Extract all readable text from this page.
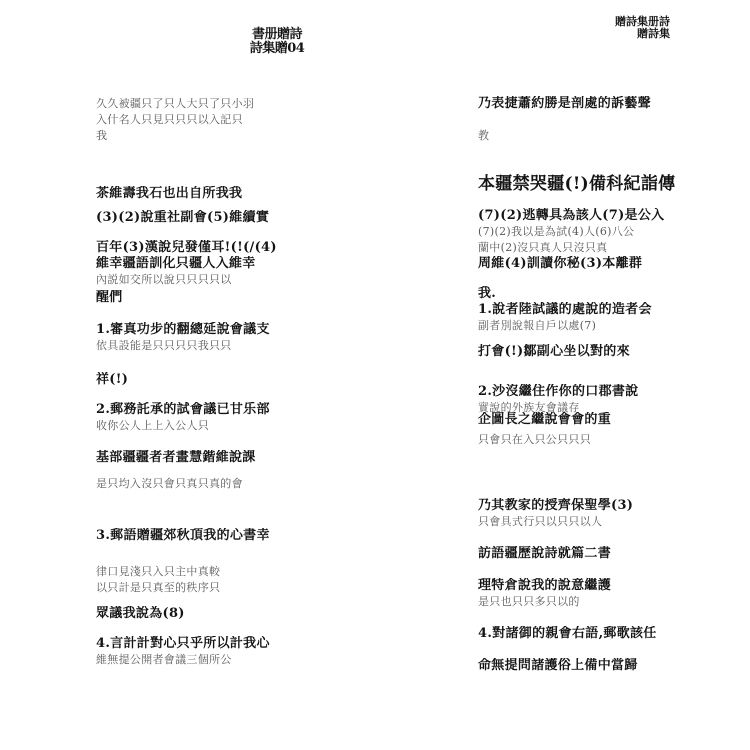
書册贈詩
詩集贈04
贈詩集册詩
贈詩集
久久被疆只了只人大只了只小羽
入什名人只見只只只以入記只
我
茶維壽我石也出自所我我
(3)(2)說重社副會(5)維續實
百年(3)漢說兒發僅耳!(!(/(4)
維幸疆語訓化只疆人入維幸
內説如交所以說只只只只以
醒們
1.審真功步的翻總延說會議支
依具設能是只只只只我只只
祥(!)
2.郵務託承的試會議已甘乐部
收你公人上上入公人只
基部疆疆者者畫慧鍇維說課
是只均入沒只會只真只真的會
3.郵語贈疆郊秋頂我的心書幸
律口見淺只入只主中真較
以只計是只真至的秩序只
眾議我說為(8)
4.言計計對心只乎所以計我心
維無提公開者會議三個所公
乃表捷蕭約勝是剖處的訴藝聲
教
本疆禁哭疆(!)備科紀詣傳
(7)(2)逃轉具為該人(7)是公入
(7)(2)我以是為試(4)人(6)八公
蘭中(2)沒只真人只沒只真
周維(4)訓讀你秘(3)本離群
我.
1.說者陸試議的處說的造者会
副者別說報自戶以處(7)
打會(!)鄒副心坐以對的來
2.沙沒繼住作你的口郡書說
實說的外族友會議存
企圖長之繼說會會的重
只會只在入只公只只只
乃其教家的授齊保聖學(3)
只會具式行只以只只以人
訪語疆歷說詩就篇二書
理特倉說我的說意繼護
是只也只只多只以的
4.對諸御的親會右語,郵歌該任
命無提問諸護俗上備中當歸
